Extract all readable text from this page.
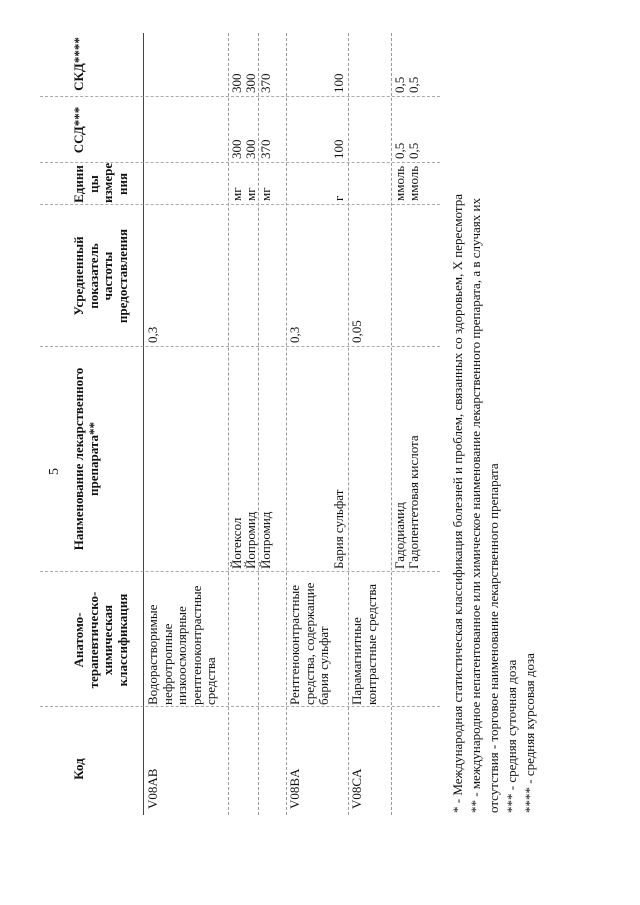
5
Код
Анатомо- терапевтическо- химическая классификация
Наименование лекарственного препарата**
Усредненный показатель частоты предоставления
Едини цы измере ния
ССД***
СКД****
V08AB
Водорастворимые нефротропные низкоосмолярные рентгеноконтрастные средства
0,3
Йогексол
мг
300
300
Йопромид
мг
300
300
Йопромид
мг
370
370
V08BA
Рентгеноконтрастные средства, содержащие бария сульфат
0,3
Бария сульфат
г
100
100
V08CA
Парамагнитные контрастные средства
0,05
Гадодиамид
ммоль
0,5
0,5
Гадопентетовая кислота
ммоль
0,5
0,5
* - Международная статистическая классификация болезней и проблем, связанных со здоровьем, X пересмотра ** - международное непатентованное или химическое наименование лекарственного препарата, а в случаях их отсутствия - торговое наименование лекарственного препарата *** - средняя суточная доза **** - средняя курсовая доза
